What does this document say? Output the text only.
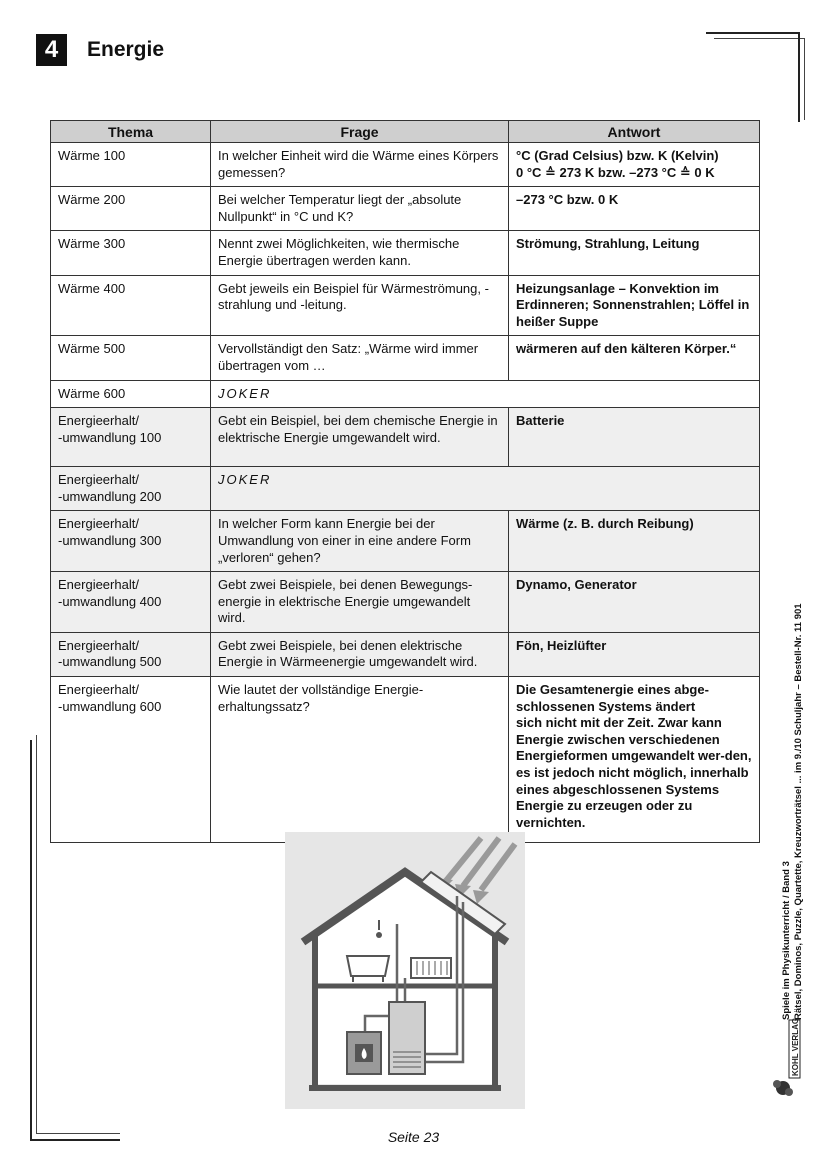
4 Energie
Thema	Frage	Antwort
Wärme 100	In welcher Einheit wird die Wärme eines Körpers gemessen?	°C (Grad Celsius) bzw. K (Kelvin)
0 °C ≙ 273 K bzw. –273 °C ≙ 0 K
Wärme 200	Bei welcher Temperatur liegt der „absolute Nullpunkt“ in °C und K?	–273 °C bzw. 0 K
Wärme 300	Nennt zwei Möglichkeiten, wie thermische Energie übertragen werden kann.	Strömung, Strahlung, Leitung
Wärme 400	Gebt jeweils ein Beispiel für Wärmeströmung, -strahlung und -leitung.	Heizungsanlage – Konvektion im Erdinneren; Sonnenstrahlen; Löffel in heißer Suppe
Wärme 500	Vervollständigt den Satz: „Wärme wird immer übertragen vom …	wärmeren auf den kälteren Körper.“
Wärme 600	JOKER	
Energieerhalt/
-umwandlung 100	Gebt ein Beispiel, bei dem chemische Energie in elektrische Energie umgewandelt wird.	Batterie
Energieerhalt/
-umwandlung 200	JOKER	
Energieerhalt/
-umwandlung 300	In welcher Form kann Energie bei der Umwandlung von einer in eine andere Form „verloren“ gehen?	Wärme (z. B. durch Reibung)
Energieerhalt/
-umwandlung 400	Gebt zwei Beispiele, bei denen Bewegungs-energie in elektrische Energie umgewandelt wird.	Dynamo, Generator
Energieerhalt/
-umwandlung 500	Gebt zwei Beispiele, bei denen elektrische Energie in Wärmeenergie umgewandelt wird.	Fön, Heizlüfter
Energieerhalt/
-umwandlung 600	Wie lautet der vollständige Energie-erhaltungssatz?	Die Gesamtenergie eines abge-schlossenen Systems ändert
sich nicht mit der Zeit. Zwar kann Energie zwischen verschiedenen Energieformen umgewandelt wer-den, es ist jedoch nicht möglich, innerhalb eines abgeschlossenen Systems Energie zu erzeugen oder zu vernichten.
Spiele im Physikunterricht / Band 3 Rätsel, Dominos, Puzzle, Quartette, Kreuzworträtsel ... im 9./10 Schuljahr – Bestell-Nr. 11 901
KOHL VERLAG
Seite 23
